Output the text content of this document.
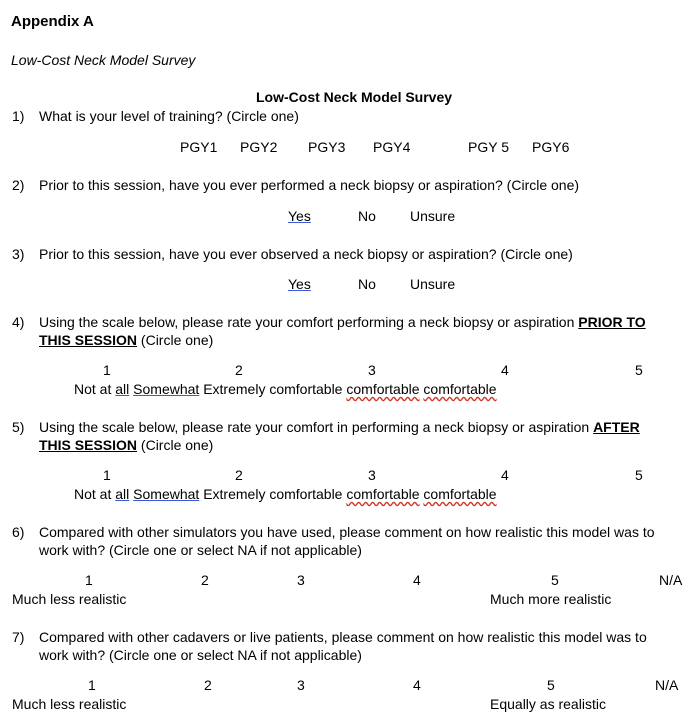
Appendix A
Low-Cost Neck Model Survey
Low-Cost Neck Model Survey
1) What is your level of training? (Circle one)
PGY1 PGY2 PGY3 PGY4	PGY 5 PGY6
2) Prior to this session, have you ever performed a neck biopsy or aspiration? (Circle one)
Yes	No Unsure
3) Prior to this session, have you ever observed a neck biopsy or aspiration? (Circle one)
Yes	No Unsure
4) Using the scale below, please rate your comfort performing a neck biopsy or aspiration PRIOR TO
THIS SESSION (Circle one)
1	2	3	4	5
Not at all Somewhat Extremely comfortable comfortable comfortable
5) Using the scale below, please rate your comfort in performing a neck biopsy or aspiration AFTER
THIS SESSION (Circle one)
1	2	3	4	5
Not at all Somewhat Extremely comfortable comfortable comfortable
6) Compared with other simulators you have used, please comment on how realistic this model was to
work with? (Circle one or select NA if not applicable)
1	2	3	4	5	N/A
Much less realistic	Much more realistic
7) Compared with other cadavers or live patients, please comment on how realistic this model was to
work with? (Circle one or select NA if not applicable)
1	2	3	4	5	N/A
Much less realistic	Equally as realistic
